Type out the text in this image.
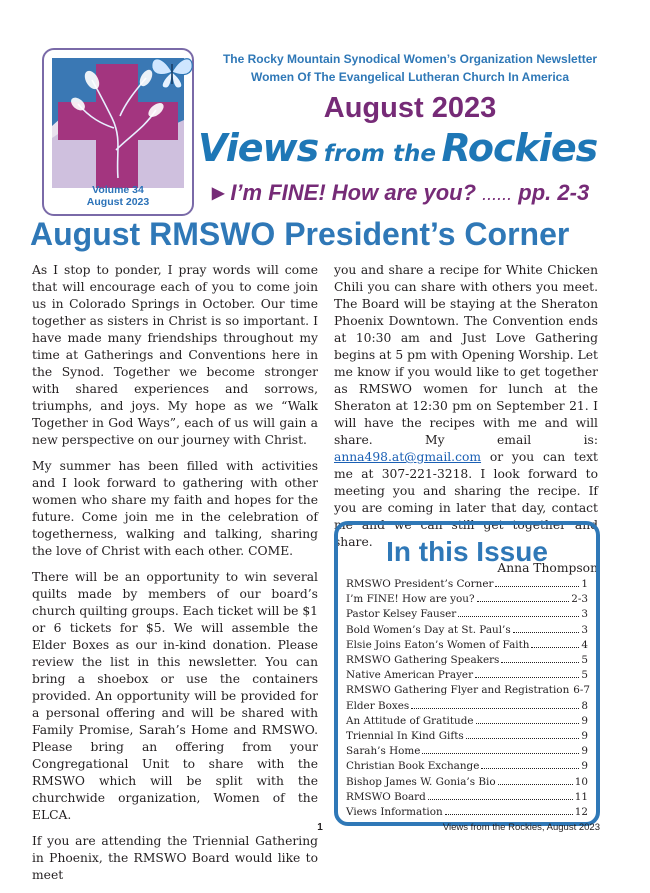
Volume 34
August 2023
The Rocky Mountain Synodical Women’s Organization Newsletter
Women Of The Evangelical Lutheran Church In America
August 2023
Views from the Rockies
▶ I’m FINE! How are you? ...... pp. 2-3
August RMSWO President’s Corner

As I stop to ponder, I pray words will come that will encourage each of you to come join us in Colorado Springs in October. Our time together as sisters in Christ is so important. I have made many friendships throughout my time at Gatherings and Conventions here in the Synod. Together we become stronger with shared experiences and sorrows, triumphs, and joys. My hope as we “Walk Together in God Ways”, each of us will gain a new perspective on our journey with Christ.

My summer has been filled with activities and I look forward to gathering with other women who share my faith and hopes for the future. Come join me in the celebration of togetherness, walking and talking, sharing the love of Christ with each other. COME.

There will be an opportunity to win several quilts made by members of our board’s church quilting groups. Each ticket will be $1 or 6 tickets for $5. We will assemble the Elder Boxes as our in-kind donation. Please review the list in this newsletter. You can bring a shoebox or use the containers provided. An opportunity will be provided for a personal offering and will be shared with Family Promise, Sarah’s Home and RMSWO. Please bring an offering from your Congregational Unit to share with the RMSWO which will be split with the churchwide organization, Women of the ELCA.

If you are attending the Triennial Gathering in Phoenix, the RMSWO Board would like to meet

you and share a recipe for White Chicken Chili you can share with others you meet. The Board will be staying at the Sheraton Phoenix Downtown. The Convention ends at 10:30 am and Just Love Gathering begins at 5 pm with Opening Worship. Let me know if you would like to get together as RMSWO women for lunch at the Sheraton at 12:30 pm on September 21. I will have the recipes with me and will share. My email is: anna498.at@gmail.com or you can text me at 307-221-3218. I look forward to meeting you and sharing the recipe. If you are coming in later that day, contact me and we can still get together and share.

Anna Thompson
In this Issue
RMSWO President’s Corner	1
I’m FINE! How are you?	2-3
Pastor Kelsey Fauser	3
Bold Women’s Day at St. Paul’s	3
Elsie Joins Eaton’s Women of Faith	4
RMSWO Gathering Speakers	5
Native American Prayer	5
RMSWO Gathering Flyer and Registration 6-7
Elder Boxes	8
An Attitude of Gratitude	9
Triennial In Kind Gifts	9
Sarah’s Home	9
Christian Book Exchange	9
Bishop James W. Gonia’s Bio	10
RMSWO Board	11
Views Information	12
1	Views from the Rockies, August 2023
